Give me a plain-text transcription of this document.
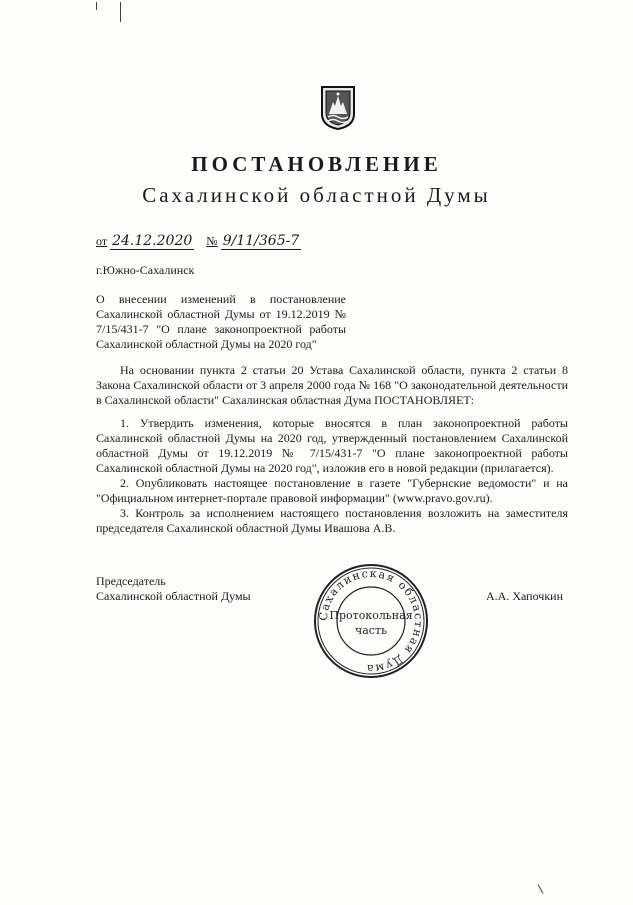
ПОСТАНОВЛЕНИЕ
Сахалинской областной Думы
от 24.12.2020 № 9/11/365-7
г.Южно-Сахалинск
О внесении изменений в постановление Сахалинской областной Думы от 19.12.2019 № 7/15/431-7 "О плане законопроектной работы Сахалинской областной Думы на 2020 год"

На основании пункта 2 статьи 20 Устава Сахалинской области, пункта 2 статьи 8 Закона Сахалинской области от 3 апреля 2000 года № 168 "О законодательной деятельности в Сахалинской области" Сахалинская областная Дума ПОСТАНОВЛЯЕТ:

1. Утвердить изменения, которые вносятся в план законопроектной работы Сахалинской областной Думы на 2020 год, утвержденный постановлением Сахалинской областной Думы от 19.12.2019 № 7/15/431-7 "О плане законопроектной работы Сахалинской областной Думы на 2020 год", изложив его в новой редакции (прилагается).

2. Опубликовать настоящее постановление в газете "Губернские ведомости" и на "Официальном интернет-портале правовой информации" (www.pravo.gov.ru).

3. Контроль за исполнением настоящего постановления возложить на заместителя председателя Сахалинской областной Думы Ивашова А.В.

Председатель
Сахалинской областной Думы	А.А. Хапочкин
Сахалинская областная Дума
Протокольная
часть
